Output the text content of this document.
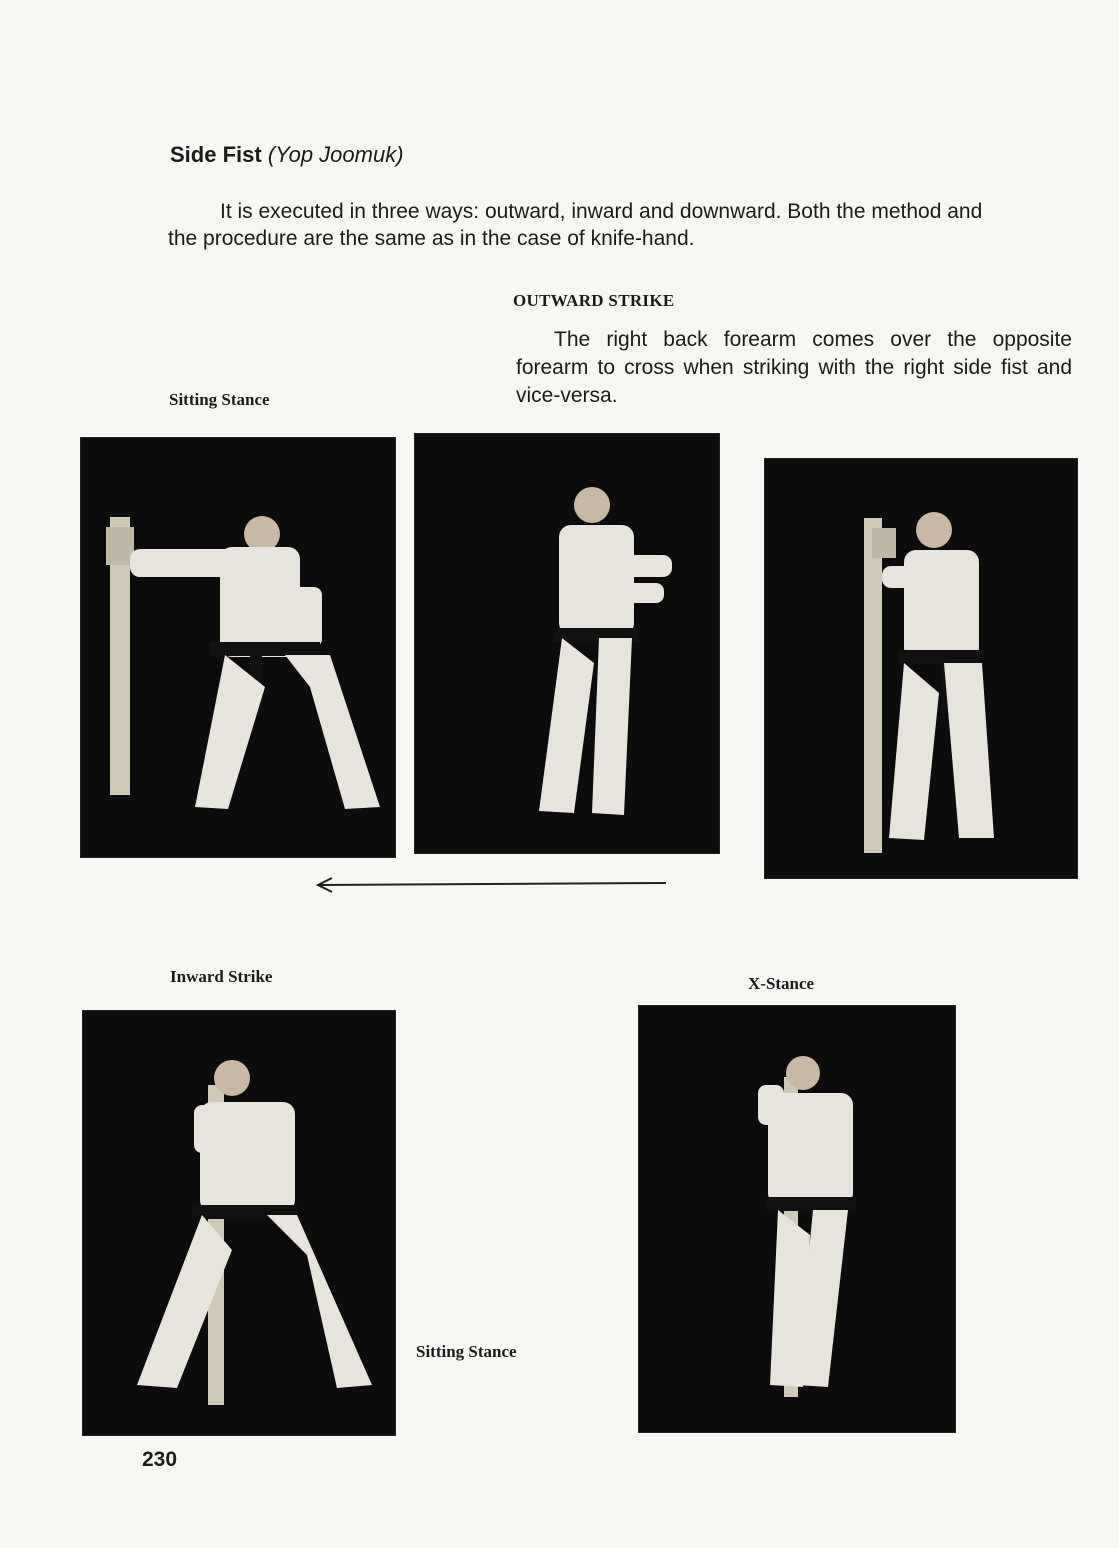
Side Fist (Yop Joomuk)

It is executed in three ways: outward, inward and downward. Both the method and the procedure are the same as in the case of knife-hand.

OUTWARD STRIKE

The right back forearm comes over the opposite forearm to cross when striking with the right side fist and vice-versa.

Sitting Stance

Inward Strike	X-Stance

Sitting Stance

230
